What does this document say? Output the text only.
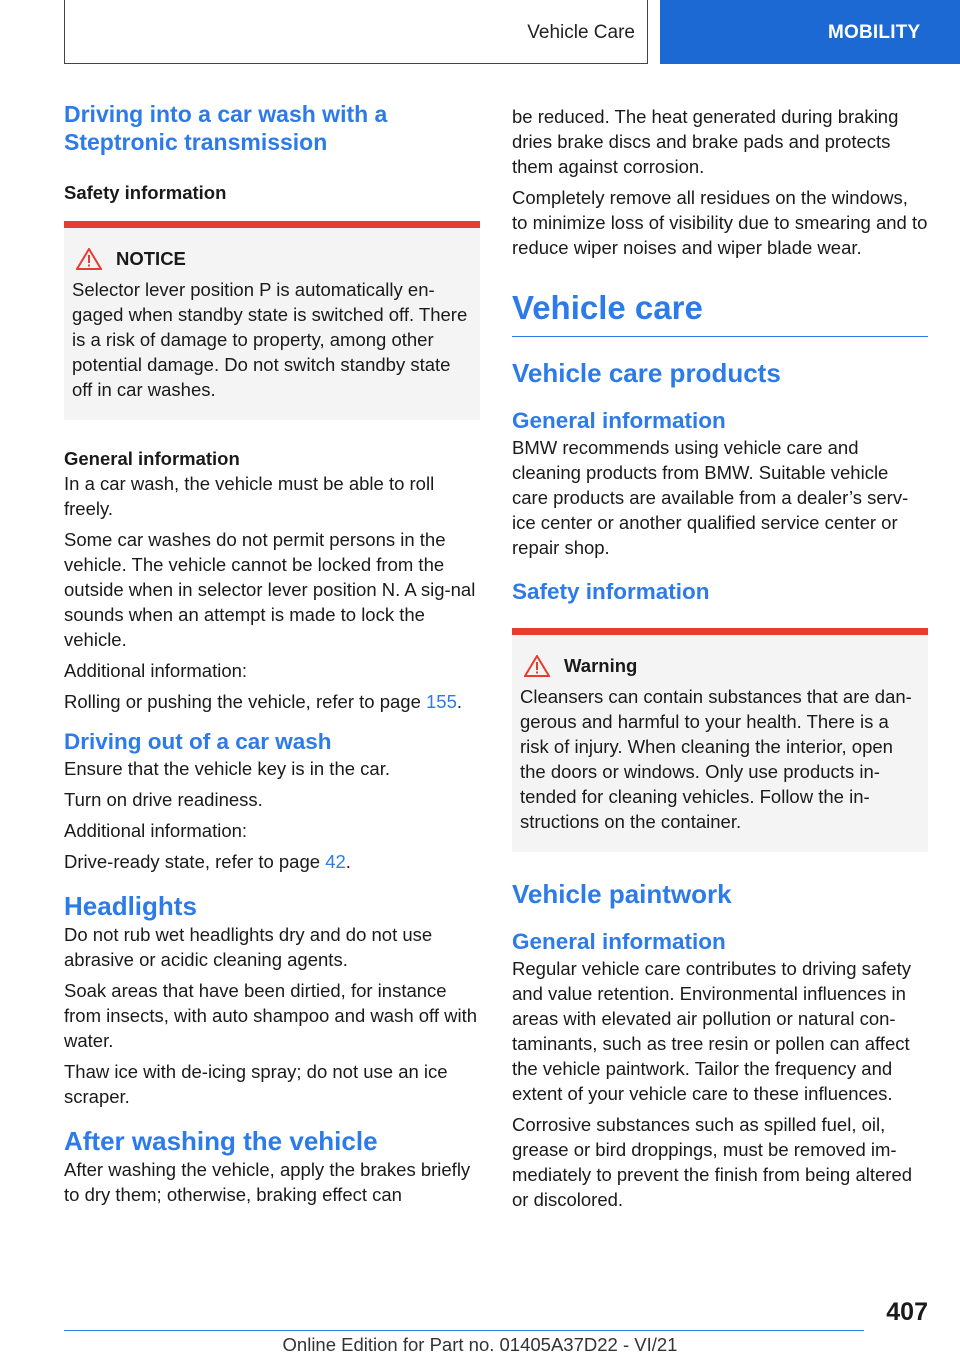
Vehicle Care	MOBILITY
Driving into a car wash with a Steptronic transmission
Safety information
NOTICE

Selector lever position P is automatically en‐gaged when standby state is switched off. There is a risk of damage to property, among other potential damage. Do not switch standby state off in car washes.

General information

In a car wash, the vehicle must be able to roll freely.

Some car washes do not permit persons in the vehicle. The vehicle cannot be locked from the outside when in selector lever position N. A sig‐nal sounds when an attempt is made to lock the vehicle.

Additional information:

Rolling or pushing the vehicle, refer to page 155.

Driving out of a car wash

Ensure that the vehicle key is in the car.

Turn on drive readiness.

Additional information:

Drive-ready state, refer to page 42.

Headlights

Do not rub wet headlights dry and do not use abrasive or acidic cleaning agents.

Soak areas that have been dirtied, for instance from insects, with auto shampoo and wash off with water.

Thaw ice with de-icing spray; do not use an ice scraper.

After washing the vehicle

After washing the vehicle, apply the brakes briefly to dry them; otherwise, braking effect can

be reduced. The heat generated during braking dries brake discs and brake pads and protects them against corrosion.

Completely remove all residues on the windows, to minimize loss of visibility due to smearing and to reduce wiper noises and wiper blade wear.

Vehicle care
Vehicle care products
General information

BMW recommends using vehicle care and cleaning products from BMW. Suitable vehicle care products are available from a dealer’s serv‐ice center or another qualified service center or repair shop.

Safety information
Warning

Cleansers can contain substances that are dan‐gerous and harmful to your health. There is a risk of injury. When cleaning the interior, open the doors or windows. Only use products in‐tended for cleaning vehicles. Follow the in‐structions on the container.

Vehicle paintwork
General information

Regular vehicle care contributes to driving safety and value retention. Environmental influences in areas with elevated air pollution or natural con‐taminants, such as tree resin or pollen can affect the vehicle paintwork. Tailor the frequency and extent of your vehicle care to these influences.

Corrosive substances such as spilled fuel, oil, grease or bird droppings, must be removed im‐mediately to prevent the finish from being altered or discolored.

407
Online Edition for Part no. 01405A37D22 - VI/21
